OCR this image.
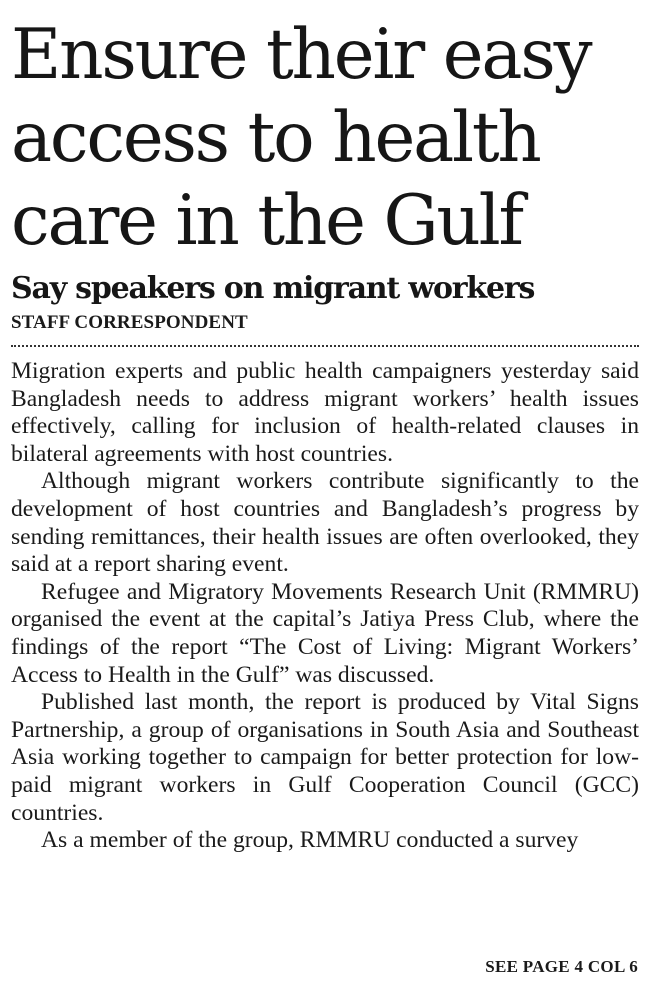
Ensure their easy access to health care in the Gulf
Say speakers on migrant workers
STAFF CORRESPONDENT

Migration experts and public health campaigners yesterday said Bangladesh needs to address migrant workers’ health issues effectively, calling for inclusion of health-related clauses in bilateral agreements with host countries.

Although migrant workers contribute significantly to the development of host countries and Bangladesh’s progress by sending remittances, their health issues are often overlooked, they said at a report sharing event.

Refugee and Migratory Movements Research Unit (RMMRU) organised the event at the capital’s Jatiya Press Club, where the findings of the report “The Cost of Living: Migrant Workers’ Access to Health in the Gulf” was discussed.

Published last month, the report is produced by Vital Signs Partnership, a group of organisations in South Asia and Southeast Asia working together to campaign for better protection for low-paid migrant workers in Gulf Cooperation Council (GCC) countries.

As a member of the group, RMMRU conducted a survey

SEE PAGE 4 COL 6
